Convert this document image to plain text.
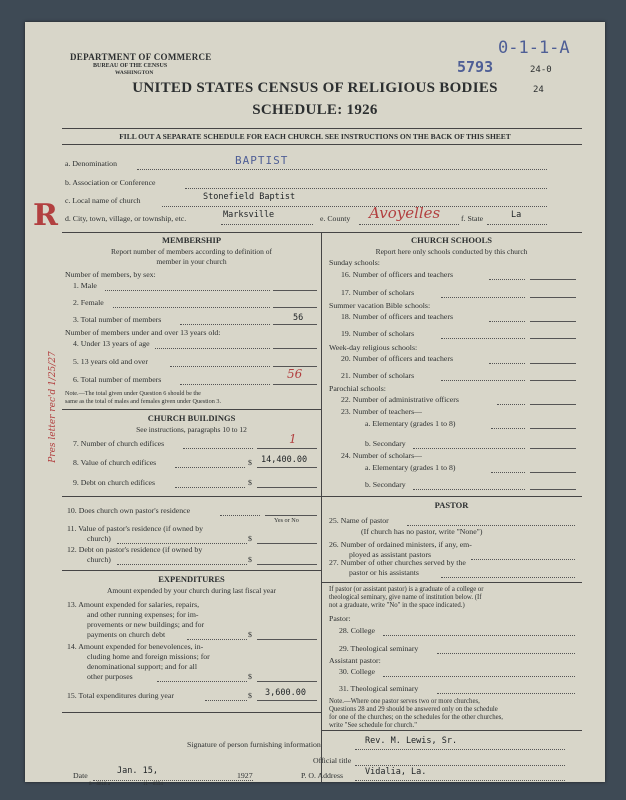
DEPARTMENT OF COMMERCE
BUREAU OF THE CENSUS
WASHINGTON
UNITED STATES CENSUS OF RELIGIOUS BODIES
SCHEDULE: 1926
FILL OUT A SEPARATE SCHEDULE FOR EACH CHURCH. SEE INSTRUCTIONS ON THE BACK OF THIS SHEET
0-1-1-A
5793	24-0
24
a. Denomination	BAPTIST
b. Association or Conference
c. Local name of church	Stonefield Baptist
d. City, town, village, or township, etc.	Marksville	e. County Avoyelles	f. State	La
R
Pres letter rec'd 1/25/27
MEMBERSHIP
Report number of members according to definition of
member in your church
Number of members, by sex:
1. Male
2. Female
3. Total number of members	56
Number of members under and over 13 years old:
4. Under 13 years of age
5. 13 years old and over
6. Total number of members	56
Note.—The total given under Question 6 should be the
same as the total of males and females given under Question 3.
CHURCH BUILDINGS
See instructions, paragraphs 10 to 12
7. Number of church edifices	1
8. Value of church edifices	$ 14,400.00
9. Debt on church edifices	$
10. Does church own pastor's residence
Yes or No
11. Value of pastor's residence (if owned by
church)	$
12. Debt on pastor's residence (if owned by
church)	$
EXPENDITURES
Amount expended by your church during last fiscal year
13. Amount expended for salaries, repairs,
and other running expenses; for im-
provements or new buildings; and for
payments on church debt	$
14. Amount expended for benevolences, in-
cluding home and foreign missions; for
denominational support; and for all
other purposes	$
15. Total expenditures during year	$ 3,600.00
CHURCH SCHOOLS
Report here only schools conducted by this church
Sunday schools:
16. Number of officers and teachers
17. Number of scholars
Summer vacation Bible schools:
18. Number of officers and teachers
19. Number of scholars
Week-day religious schools:
20. Number of officers and teachers
21. Number of scholars
Parochial schools:
22. Number of administrative officers
23. Number of teachers—
a. Elementary (grades 1 to 8)
b. Secondary
24. Number of scholars—
a. Elementary (grades 1 to 8)
b. Secondary
PASTOR
25. Name of pastor
(If church has no pastor, write "None")
26. Number of ordained ministers, if any, em-
ployed as assistant pastors
27. Number of other churches served by the
pastor or his assistants
If pastor (or assistant pastor) is a graduate of a college or
theological seminary, give name of institution below. (If
not a graduate, write "No" in the space indicated.)
Pastor:
28. College
29. Theological seminary
Assistant pastor:
30. College
31. Theological seminary
Note.—Where one pastor serves two or more churches,
Questions 28 and 29 should be answered only on the schedule
for one of the churches; on the schedules for the other churches,
write "See schedule for church."
Signature of person furnishing information	Rev. M. Lewis, Sr.
Official title
Date	Jan. 15,	1927	P. O. Address	Vidalia, La.
8—8818 a	11—8554
